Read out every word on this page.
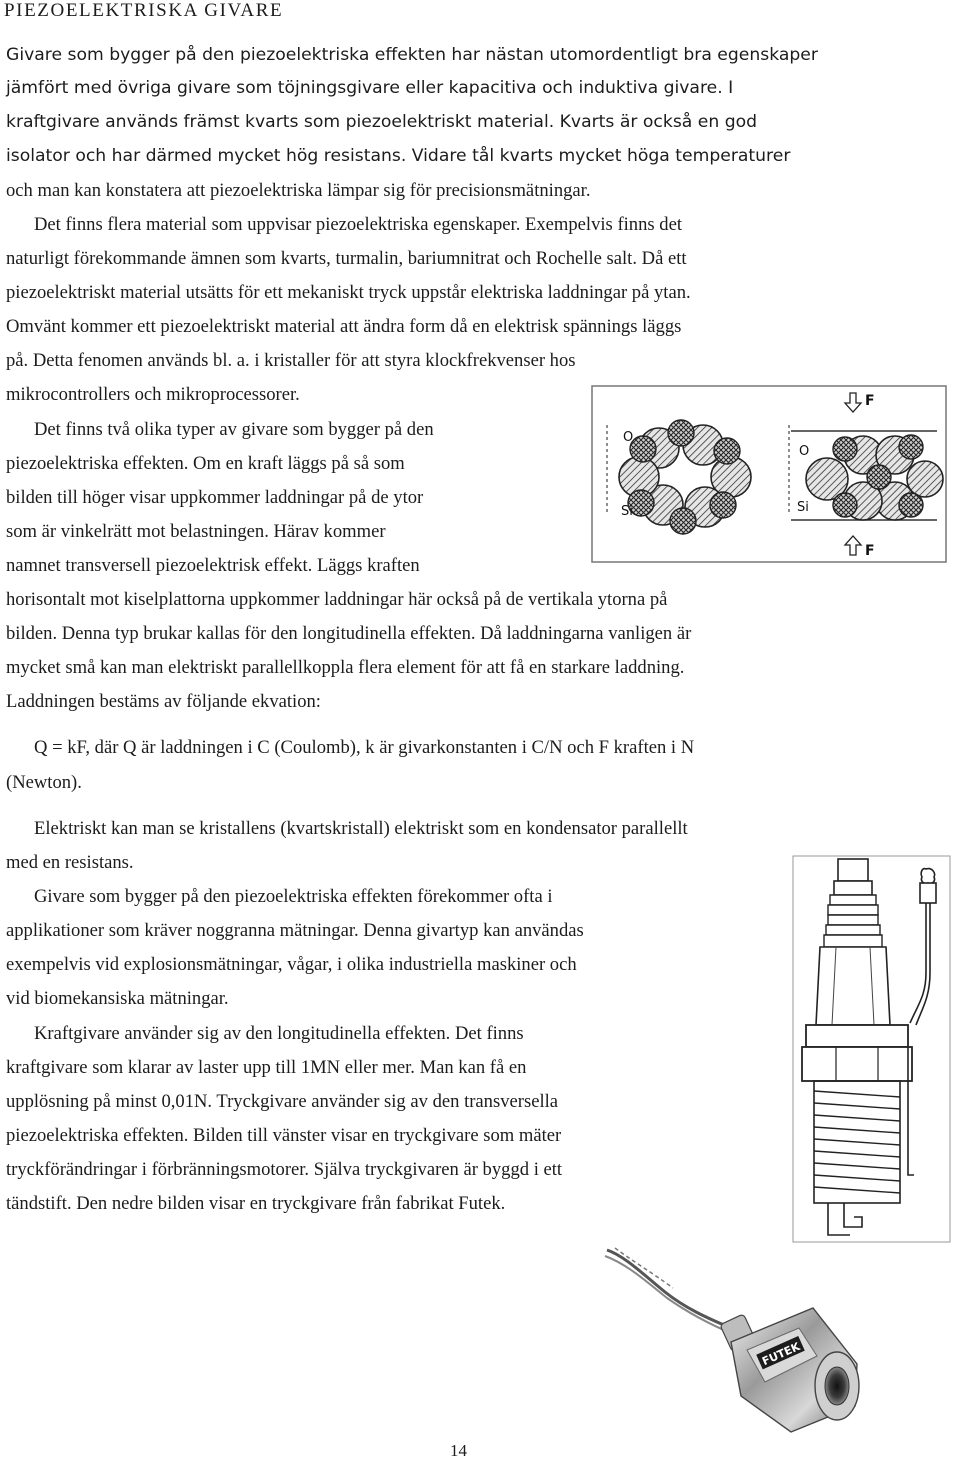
PIEZOELEKTRISKA GIVARE
Givare som bygger på den piezoelektriska effekten har nästan utomordentligt bra egenskaper
jämfört med övriga givare som töjningsgivare eller kapacitiva och induktiva givare. I
kraftgivare används främst kvarts som piezoelektriskt material. Kvarts är också en god
isolator och har därmed mycket hög resistans. Vidare tål kvarts mycket höga temperaturer
och man kan konstatera att piezoelektriska lämpar sig för precisionsmätningar.
Det finns flera material som uppvisar piezoelektriska egenskaper. Exempelvis finns det
naturligt förekommande ämnen som kvarts, turmalin, bariumnitrat och Rochelle salt. Då ett
piezoelektriskt material utsätts för ett mekaniskt tryck uppstår elektriska laddningar på ytan.
Omvänt kommer ett piezoelektriskt material att ändra form då en elektrisk spännings läggs
på. Detta fenomen används bl. a. i kristaller för att styra klockfrekvenser hos
mikrocontrollers och mikroprocessorer.
Det finns två olika typer av givare som bygger på den
piezoelektriska effekten. Om en kraft läggs på så som
bilden till höger visar uppkommer laddningar på de ytor
som är vinkelrätt mot belastningen. Härav kommer
namnet transversell piezoelektrisk effekt. Läggs kraften
horisontalt mot kiselplattorna uppkommer laddningar här också på de vertikala ytorna på
bilden. Denna typ brukar kallas för den longitudinella effekten. Då laddningarna vanligen är
mycket små kan man elektriskt parallellkoppla flera element för att få en starkare laddning.
Laddningen bestäms av följande ekvation:
Q = kF, där Q är laddningen i C (Coulomb), k är givarkonstanten i C/N och F kraften i N
(Newton).
Elektriskt kan man se kristallens (kvartskristall) elektriskt som en kondensator parallellt
med en resistans.
Givare som bygger på den piezoelektriska effekten förekommer ofta i
applikationer som kräver noggranna mätningar. Denna givartyp kan användas
exempelvis vid explosionsmätningar, vågar, i olika industriella maskiner och
vid biomekansiska mätningar.
Kraftgivare använder sig av den longitudinella effekten. Det finns
kraftgivare som klarar av laster upp till 1MN eller mer. Man kan få en
upplösning på minst 0,01N. Tryckgivare använder sig av den transversella
piezoelektriska effekten. Bilden till vänster visar en tryckgivare som mäter
tryckförändringar i förbränningsmotorer. Själva tryckgivaren är byggd i ett
tändstift. Den nedre bilden visar en tryckgivare från fabrikat Futek.
O
Si
O
Si
F
F
FUTEK
14
